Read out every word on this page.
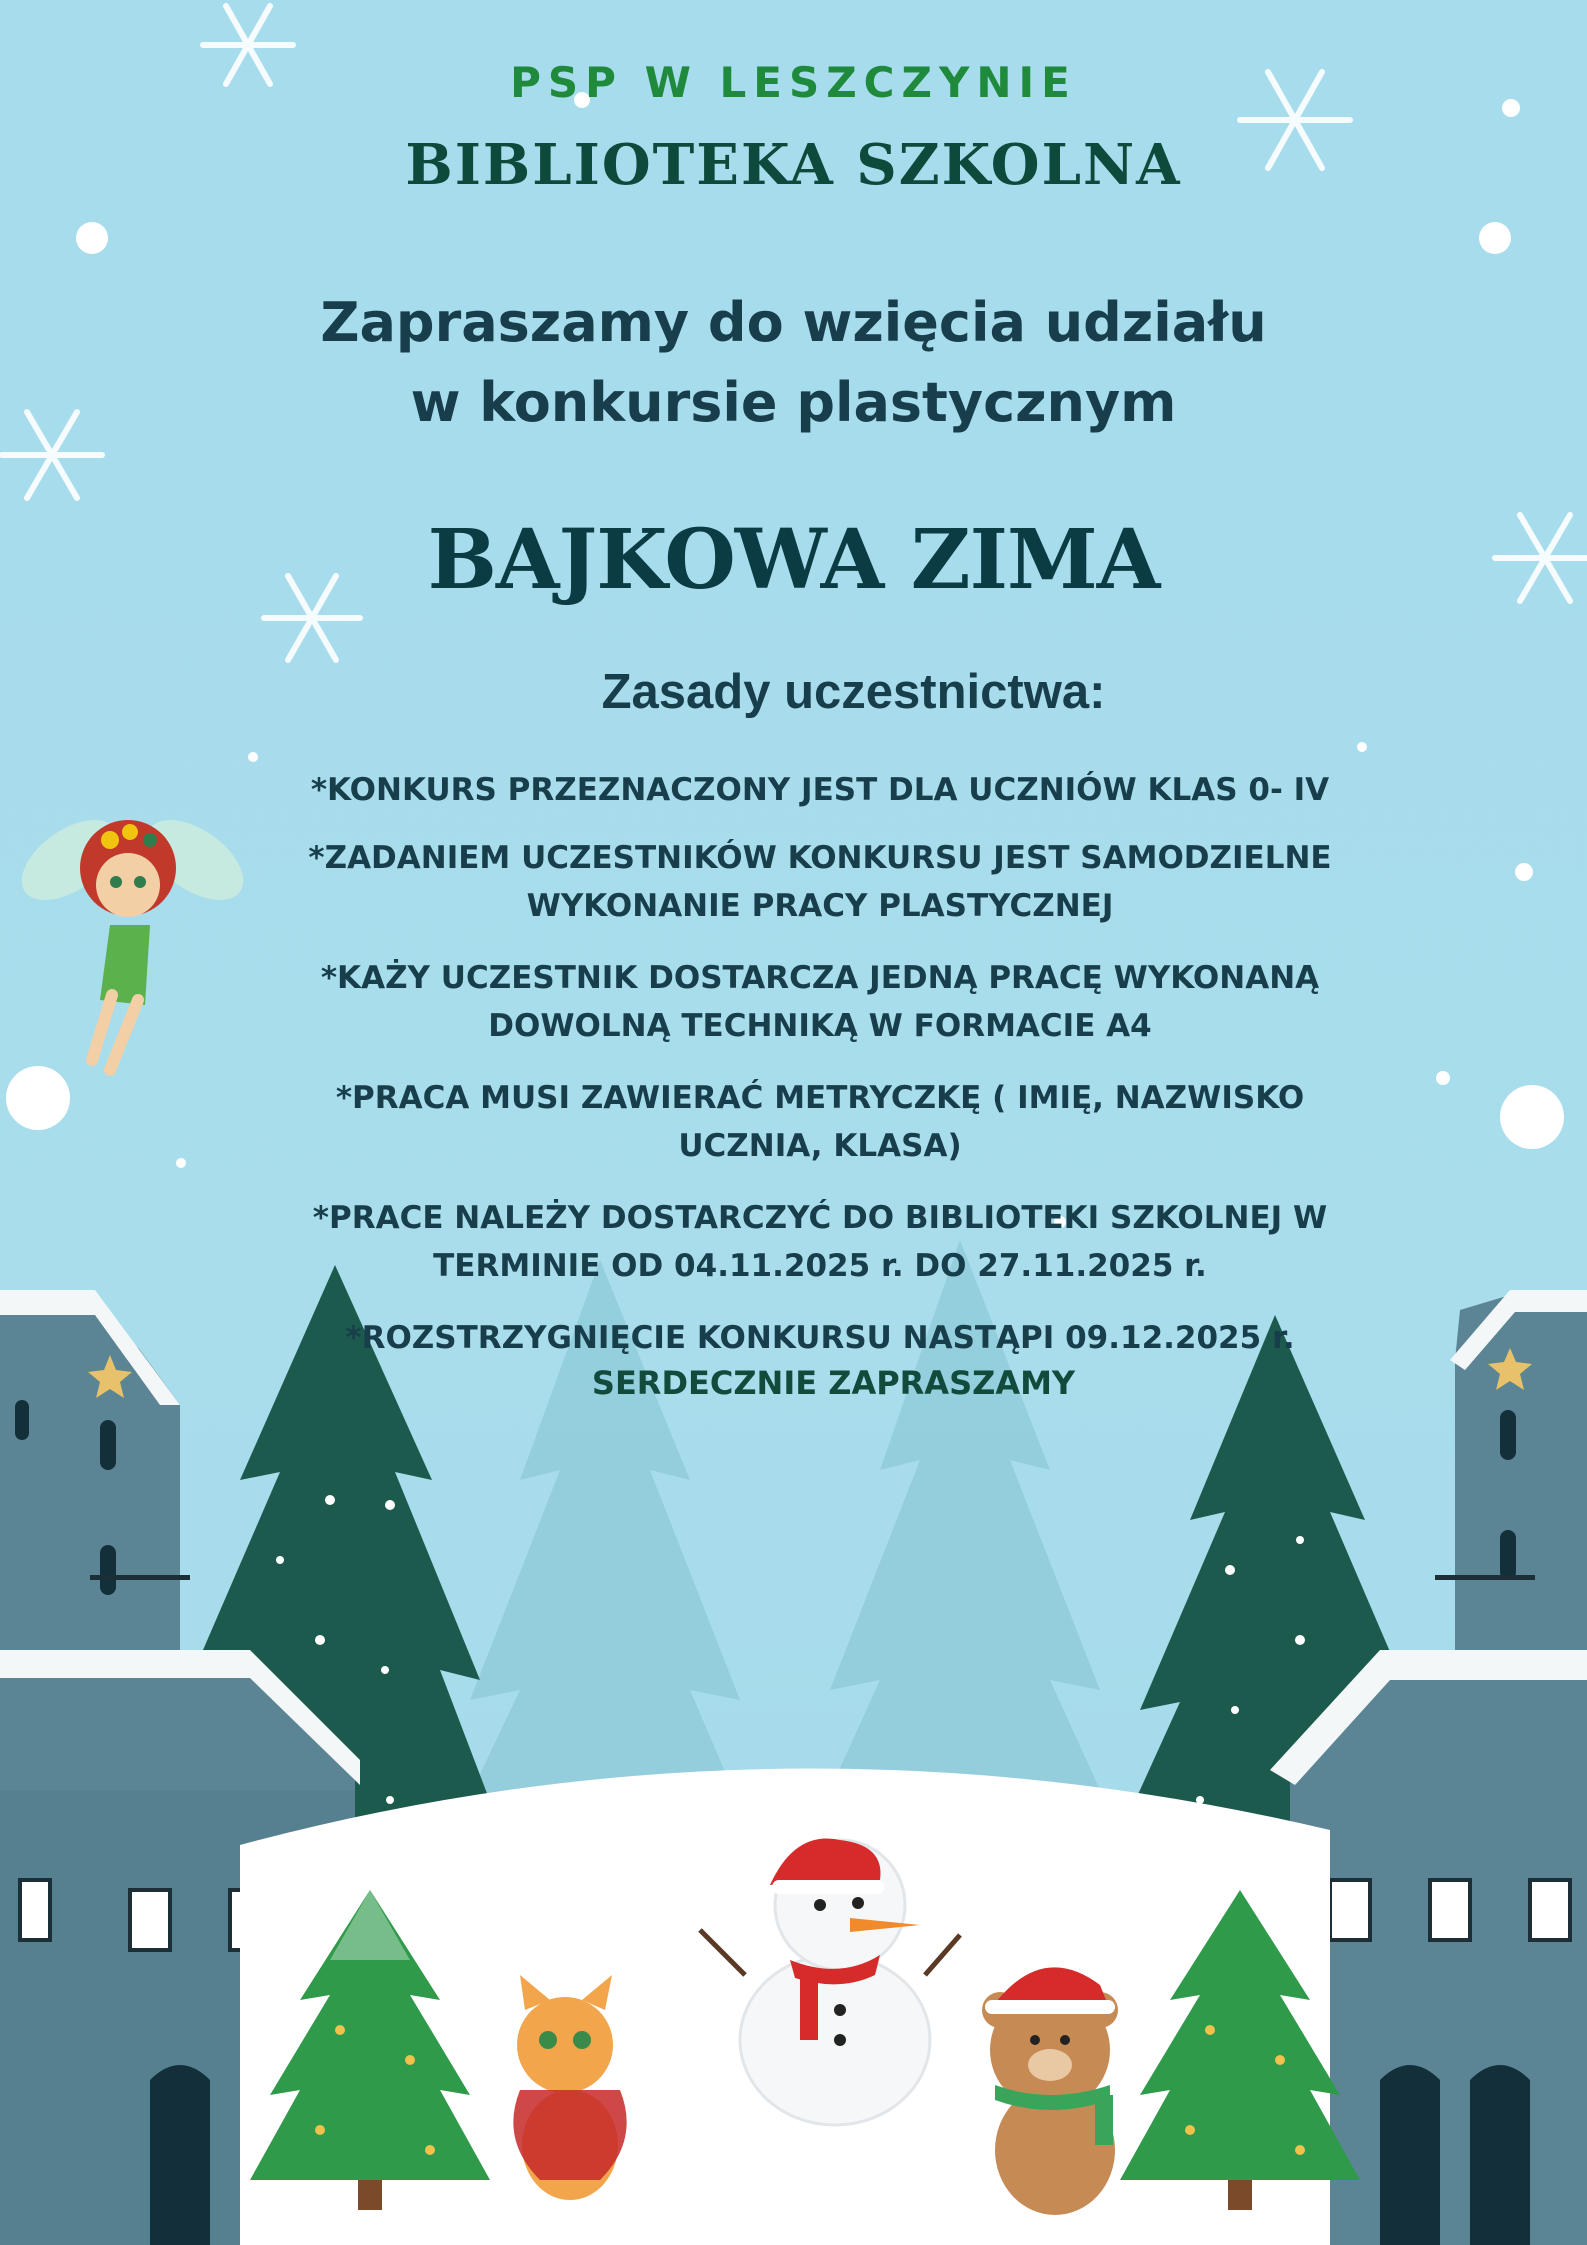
PSP W LESZCZYNIE

BIBLIOTEKA SZKOLNA

Zapraszamy do wzięcia udziału
w konkursie plastycznym
BAJKOWA ZIMA
Zasady uczestnictwa:
*KONKURS PRZEZNACZONY JEST DLA UCZNIÓW KLAS 0- IV
*ZADANIEM UCZESTNIKÓW KONKURSU JEST SAMODZIELNE WYKONANIE PRACY PLASTYCZNEJ
*KAŻY UCZESTNIK DOSTARCZA JEDNĄ PRACĘ WYKONANĄ DOWOLNĄ TECHNIKĄ W FORMACIE A4
*PRACA MUSI ZAWIERAĆ METRYCZKĘ ( IMIĘ, NAZWISKO UCZNIA, KLASA)
*PRACE NALEŻY DOSTARCZYĆ DO BIBLIOTEKI SZKOLNEJ W TERMINIE OD 04.11.2025 r. DO 27.11.2025 r.
*ROZSTRZYGNIĘCIE KONKURSU NASTĄPI 09.12.2025 r.

SERDECZNIE ZAPRASZAMY
